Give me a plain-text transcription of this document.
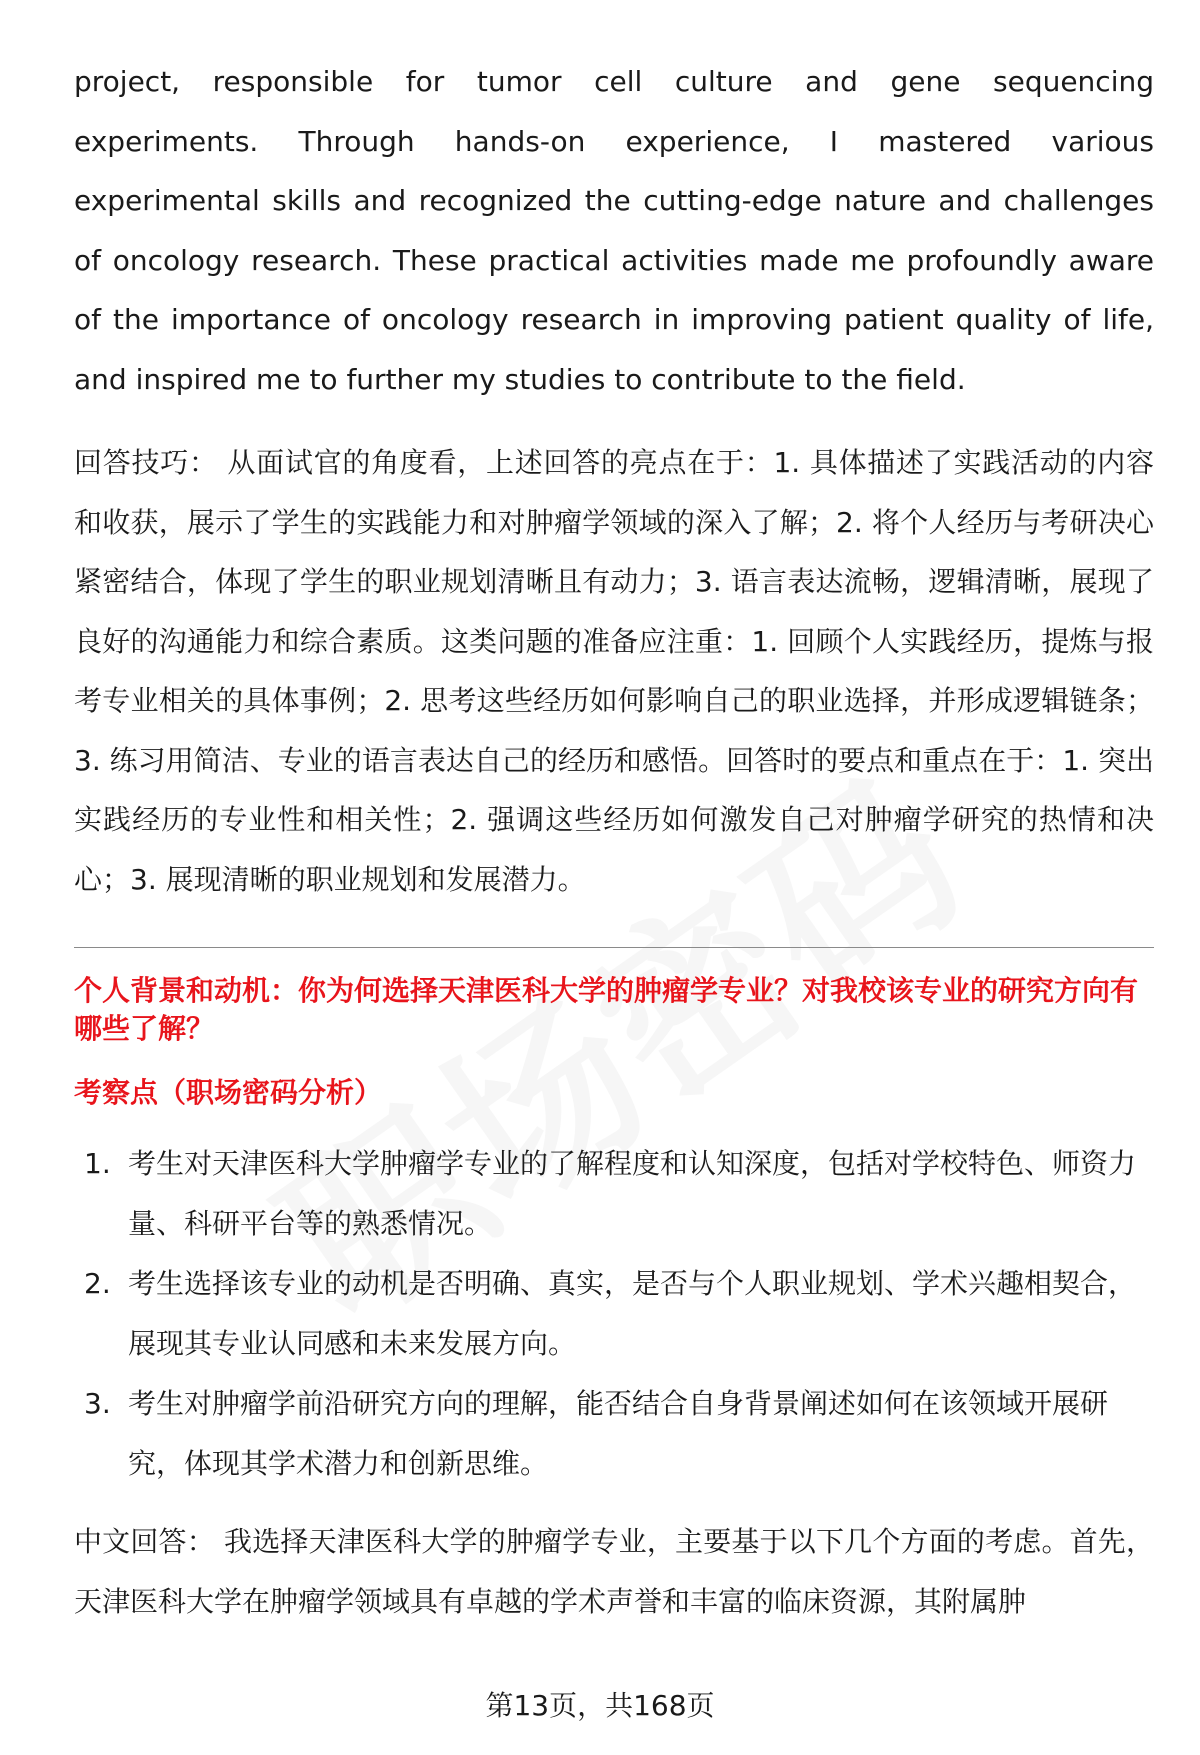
project, responsible for tumor cell culture and gene sequencing experiments. Through hands-on experience, I mastered various experimental skills and recognized the cutting-edge nature and challenges of oncology research. These practical activities made me profoundly aware of the importance of oncology research in improving patient quality of life, and inspired me to further my studies to contribute to the field.

回答技巧： 从面试官的角度看，上述回答的亮点在于：1. 具体描述了实践活动的内容和收获，展示了学生的实践能力和对肿瘤学领域的深入了解；2. 将个人经历与考研决心紧密结合，体现了学生的职业规划清晰且有动力；3. 语言表达流畅，逻辑清晰，展现了良好的沟通能力和综合素质。这类问题的准备应注重：1. 回顾个人实践经历，提炼与报考专业相关的具体事例；2. 思考这些经历如何影响自己的职业选择，并形成逻辑链条；3. 练习用简洁、专业的语言表达自己的经历和感悟。回答时的要点和重点在于：1. 突出实践经历的专业性和相关性；2. 强调这些经历如何激发自己对肿瘤学研究的热情和决心；3. 展现清晰的职业规划和发展潜力。

个人背景和动机：你为何选择天津医科大学的肿瘤学专业？对我校该专业的研究方向有哪些了解？

考察点（职场密码分析）

1. 考生对天津医科大学肿瘤学专业的了解程度和认知深度，包括对学校特色、师资力量、科研平台等的熟悉情况。
2. 考生选择该专业的动机是否明确、真实，是否与个人职业规划、学术兴趣相契合，展现其专业认同感和未来发展方向。
3. 考生对肿瘤学前沿研究方向的理解，能否结合自身背景阐述如何在该领域开展研究，体现其学术潜力和创新思维。

中文回答： 我选择天津医科大学的肿瘤学专业，主要基于以下几个方面的考虑。首先，天津医科大学在肿瘤学领域具有卓越的学术声誉和丰富的临床资源，其附属肿

第13页，共168页
